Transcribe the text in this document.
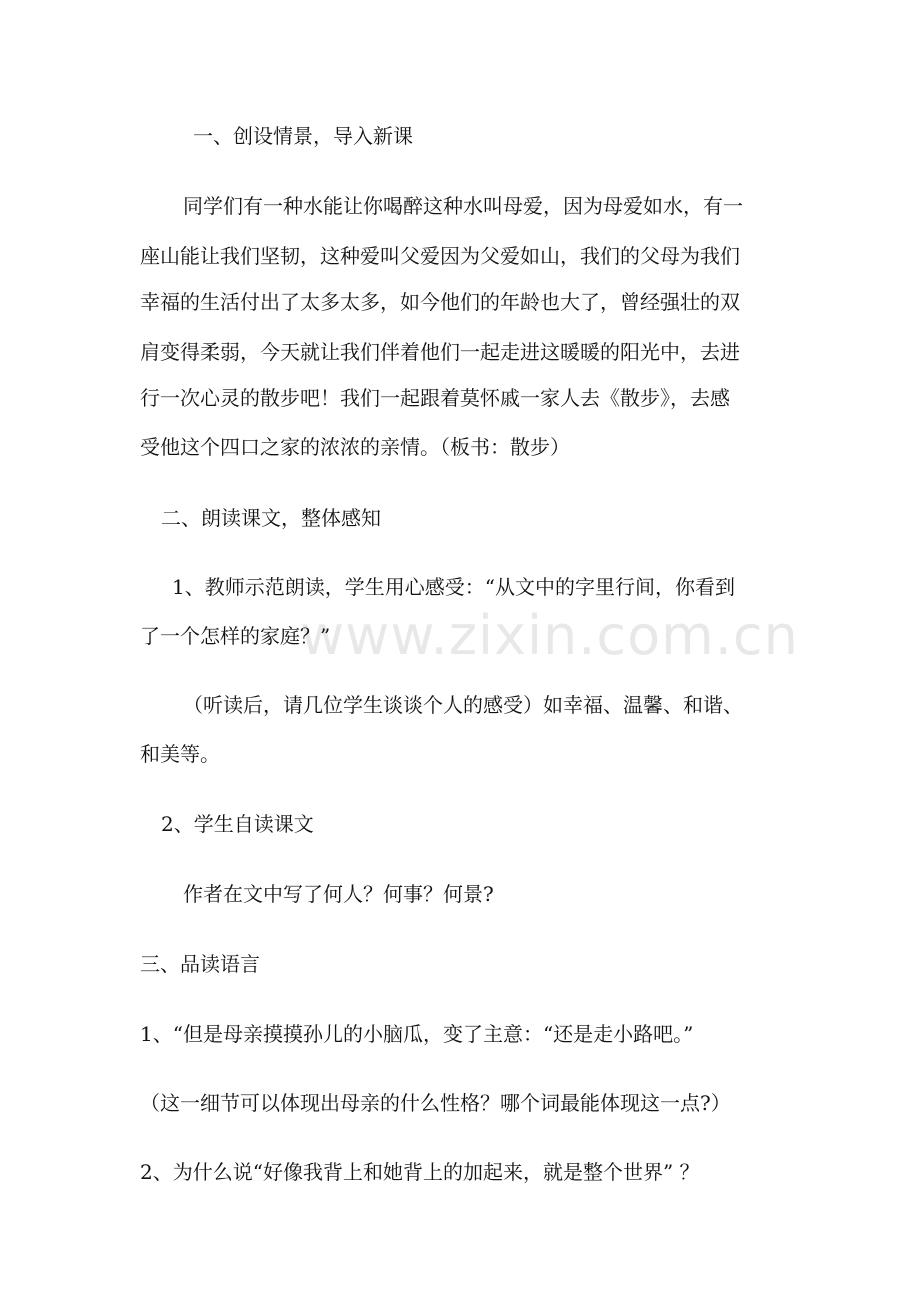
www.zixin.com.cn
一、创设情景，导入新课
同学们有一种水能让你喝醉这种水叫母爱，因为母爱如水，有一
座山能让我们坚韧，这种爱叫父爱因为父爱如山，我们的父母为我们
幸福的生活付出了太多太多，如今他们的年龄也大了，曾经强壮的双
肩变得柔弱，今天就让我们伴着他们一起走进这暖暖的阳光中，去进
行一次心灵的散步吧！我们一起跟着莫怀戚一家人去《散步》，去感
受他这个四口之家的浓浓的亲情。（板书：散步）
二、朗读课文，整体感知
1、教师示范朗读，学生用心感受：“从文中的字里行间，你看到
了一个怎样的家庭？”
（听读后，请几位学生谈谈个人的感受）如幸福、温馨、和谐、
和美等。
2、学生自读课文
作者在文中写了何人？何事？何景?
三、品读语言
1、“但是母亲摸摸孙儿的小脑瓜，变了主意：“还是走小路吧。”
（这一细节可以体现出母亲的什么性格？哪个词最能体现这一点?）
2、为什么说“好像我背上和她背上的加起来，就是整个世界” ？
